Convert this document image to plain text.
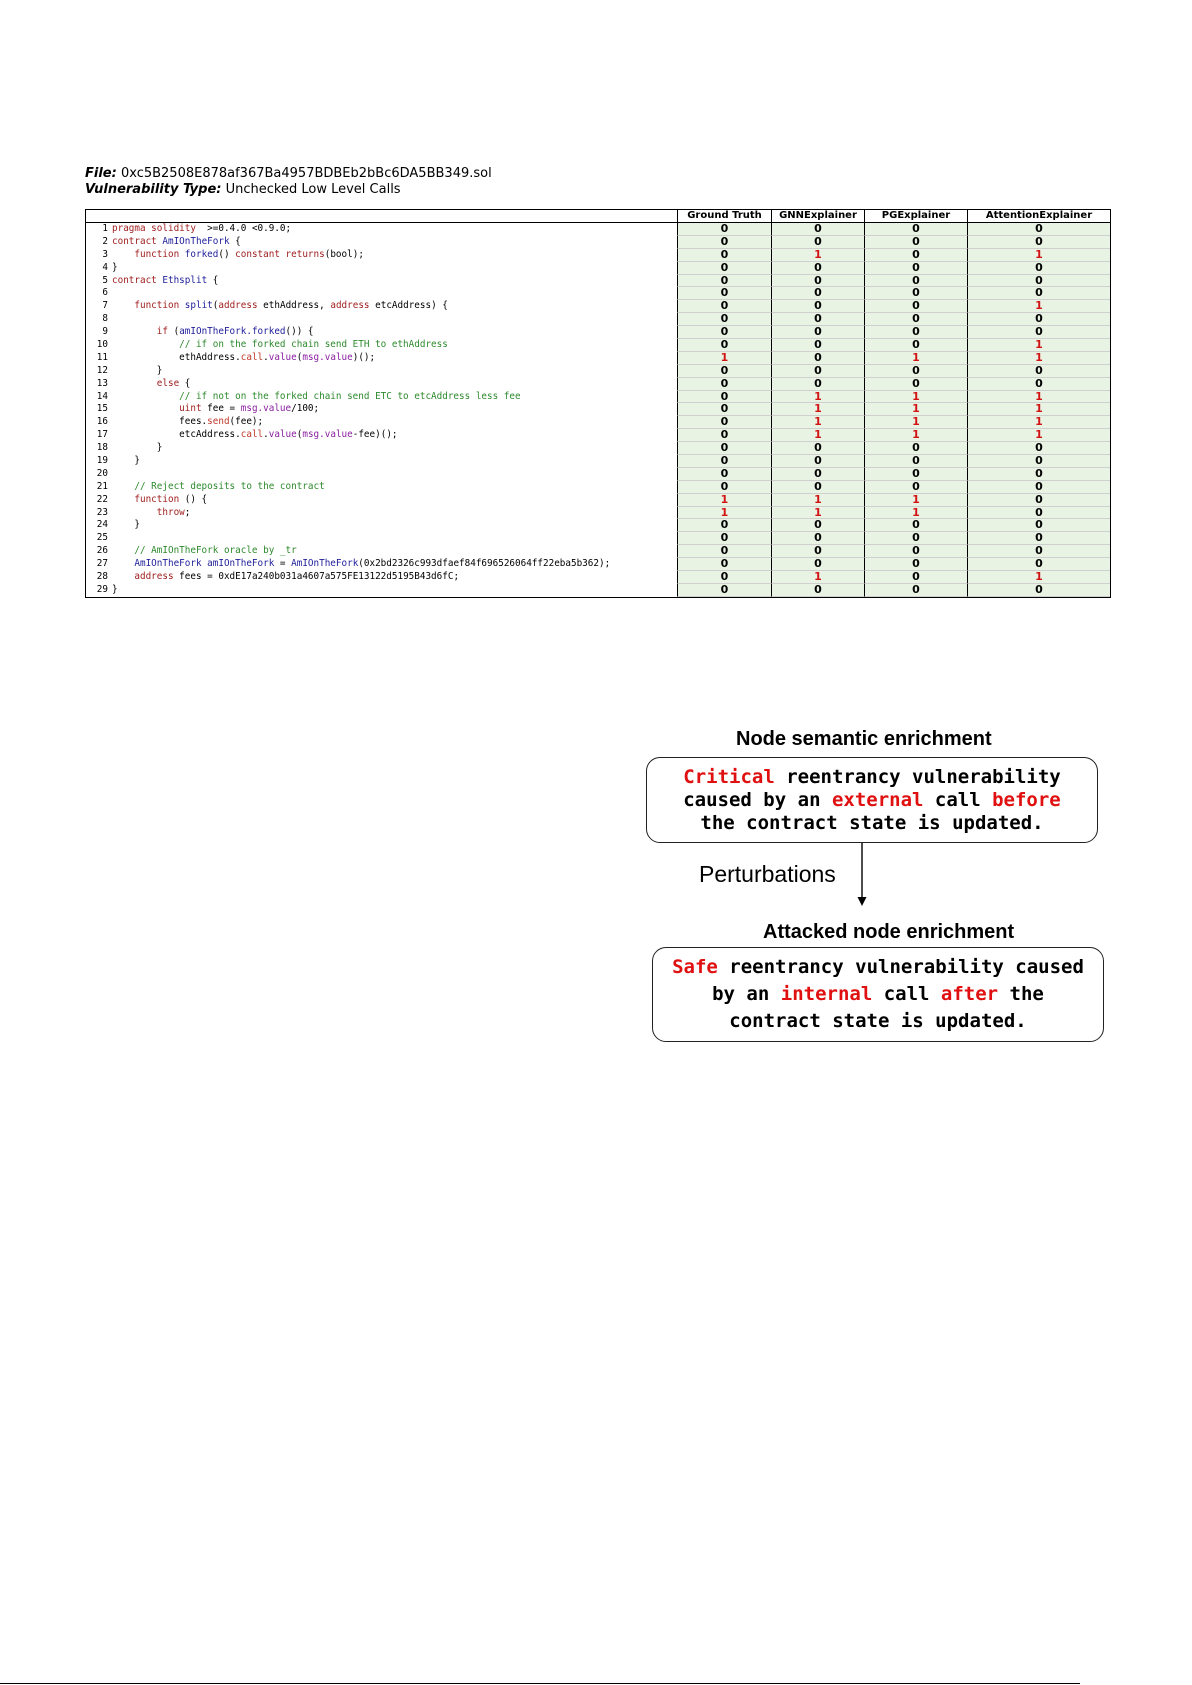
File: 0xc5B2508E878af367Ba4957BDBEb2bBc6DA5BB349.sol
Vulnerability Type: Unchecked Low Level Calls
Ground Truth	GNNExplainer	PGExplainer	AttentionExplainer
1 pragma solidity  >=0.4.0 <0.9.0;	0	0	0	0
2 contract AmIOnTheFork {	0	0	0	0
3	function forked() constant returns(bool);	0	1	0	1
4 }	0	0	0	0
5 contract Ethsplit {	0	0	0	0
6	0	0	0	0
7	function split(address ethAddress, address etcAddress) {	0	0	0	1
8	0	0	0	0
9	if (amIOnTheFork.forked()) {	0	0	0	0
10	// if on the forked chain send ETH to ethAddress	0	0	0	1
11            ethAddress.call.value(msg.value)();	1	0	1	1
12        }	0	0	0	0
13	else {	0	0	0	0
14	// if not on the forked chain send ETC to etcAddress less fee	0	1	1	1
15	uint fee = msg.value/100;	0	1	1	1
16            fees.send(fee);	0	1	1	1
17            etcAddress.call.value(msg.value-fee)();	0	1	1	1
18        }	0	0	0	0
19    }	0	0	0	0
20	0	0	0	0
21	// Reject deposits to the contract	0	0	0	0
22	function () {	1	1	1	0
23	throw;	1	1	1	0
24    }	0	0	0	0
25	0	0	0	0
26	// AmIOnTheFork oracle by _tr	0	0	0	0
27	AmIOnTheFork amIOnTheFork = AmIOnTheFork(0x2bd2326c993dfaef84f696526064ff22eba5b362);	0	0	0	0
28	address fees = 0xdE17a240b031a4607a575FE13122d5195B43d6fC;	0	1	0	1
29 }	0	0	0	0
Node semantic enrichment
Critical reentrancy vulnerability
caused by an external call before
the contract state is updated.
Perturbations
Attacked node enrichment
Safe reentrancy vulnerability caused
by an internal call after the
contract state is updated.
